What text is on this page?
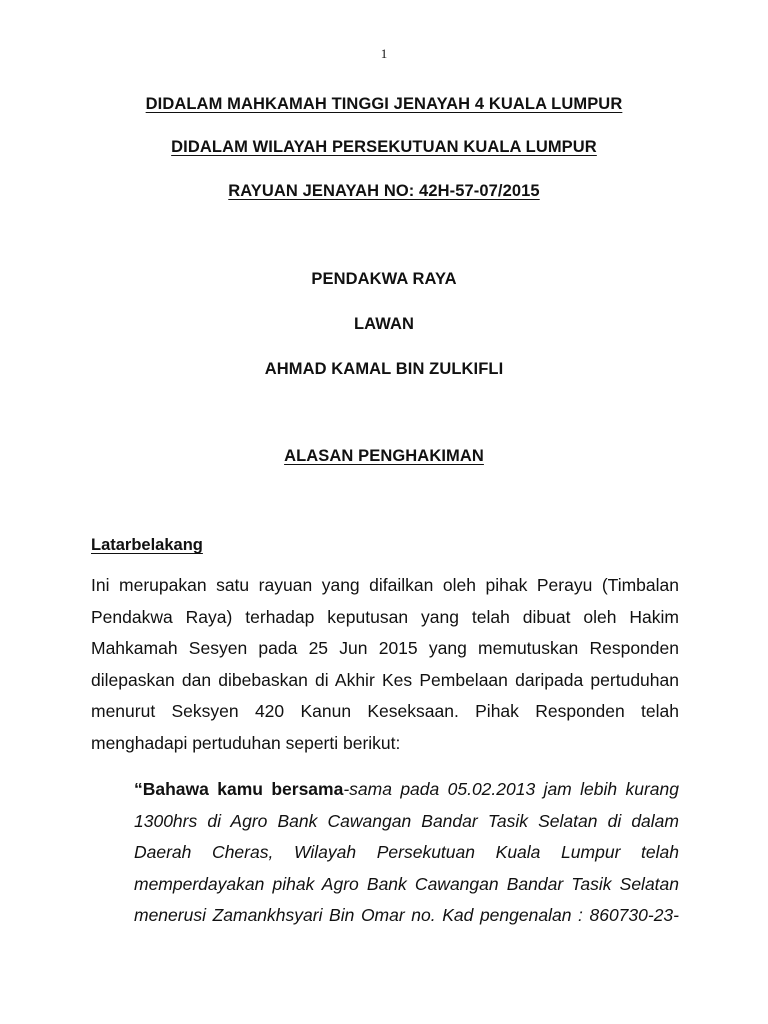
1
DIDALAM MAHKAMAH TINGGI JENAYAH 4 KUALA LUMPUR
DIDALAM WILAYAH PERSEKUTUAN KUALA LUMPUR
RAYUAN JENAYAH NO: 42H-57-07/2015
PENDAKWA RAYA
LAWAN
AHMAD KAMAL BIN ZULKIFLI
ALASAN PENGHAKIMAN
Latarbelakang
Ini merupakan satu rayuan yang difailkan oleh pihak Perayu (Timbalan Pendakwa Raya) terhadap keputusan yang telah dibuat oleh Hakim Mahkamah Sesyen pada 25 Jun 2015 yang memutuskan Responden dilepaskan dan dibebaskan di Akhir Kes Pembelaan daripada pertuduhan menurut Seksyen 420 Kanun Keseksaan. Pihak Responden telah menghadapi pertuduhan seperti berikut:
“Bahawa kamu bersama-sama pada 05.02.2013 jam lebih kurang 1300hrs di Agro Bank Cawangan Bandar Tasik Selatan di dalam Daerah Cheras, Wilayah Persekutuan Kuala Lumpur telah memperdayakan pihak Agro Bank Cawangan Bandar Tasik Selatan menerusi Zamankhsyari Bin Omar no. Kad pengenalan : 860730-23-
